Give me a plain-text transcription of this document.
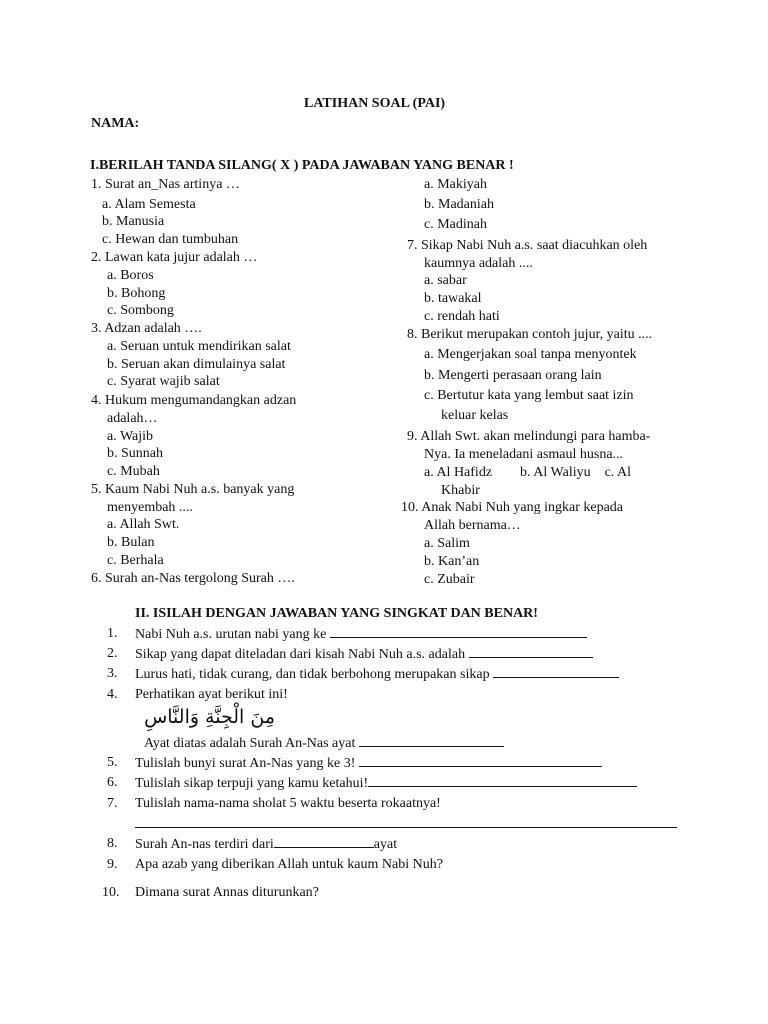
LATIHAN SOAL (PAI)
NAMA:
I.BERILAH TANDA SILANG( X ) PADA JAWABAN YANG BENAR !
1. Surat an_Nas artinya …
a. Alam Semesta
b. Manusia
c. Hewan dan tumbuhan
2. Lawan kata jujur adalah …
a. Boros
b. Bohong
c. Sombong
3. Adzan adalah ….
a. Seruan untuk mendirikan salat
b. Seruan akan dimulainya salat
c. Syarat wajib salat
4. Hukum mengumandangkan adzan
adalah…
a. Wajib
b. Sunnah
c. Mubah
5. Kaum Nabi Nuh a.s. banyak yang
menyembah ....
a. Allah Swt.
b. Bulan
c. Berhala
6. Surah an-Nas tergolong Surah ….
a. Makiyah
b. Madaniah
c. Madinah
7. Sikap Nabi Nuh a.s. saat diacuhkan oleh
kaumnya adalah ....
a. sabar
b. tawakal
c. rendah hati
8. Berikut merupakan contoh jujur, yaitu ....
a. Mengerjakan soal tanpa menyontek
b. Mengerti perasaan orang lain
c. Bertutur kata yang lembut saat izin
keluar kelas
9. Allah Swt. akan melindungi para hamba-
Nya. Ia meneladani asmaul husna...
a. Al Hafidz        b. Al Waliyu    c. Al
Khabir
10. Anak Nabi Nuh yang ingkar kepada
Allah bernama…
a. Salim
b. Kan’an
c. Zubair
II. ISILAH DENGAN JAWABAN YANG SINGKAT DAN BENAR!
1. Nabi Nuh a.s. urutan nabi yang ke
2. Sikap yang dapat diteladan dari kisah Nabi Nuh a.s. adalah
3. Lurus hati, tidak curang, dan tidak berbohong merupakan sikap
4. Perhatikan ayat berikut ini!
مِنَ الْجِنَّةِ وَالنَّاسِ
Ayat diatas adalah Surah An-Nas ayat
5. Tulislah bunyi surat An-Nas yang ke 3!
6. Tulislah sikap terpuji yang kamu ketahui!
7. Tulislah nama-nama sholat 5 waktu beserta rokaatnya!
8. Surah An-nas terdiri dari	ayat
9. Apa azab yang diberikan Allah untuk kaum Nabi Nuh?
10. Dimana surat Annas diturunkan?
